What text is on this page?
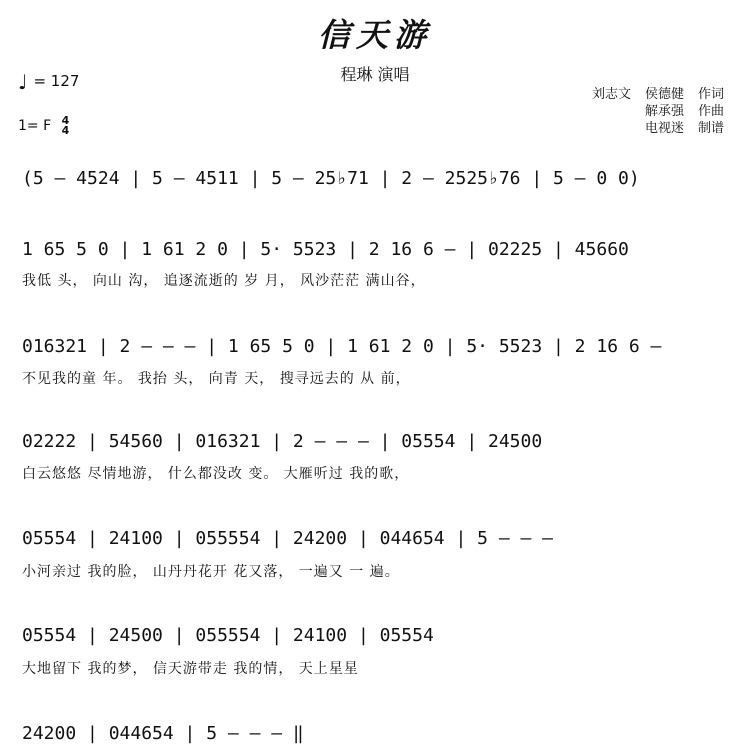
信天游
程琳 演唱
♩ = 127
1= F 4
4
刘志文 侯德健 作词
解承强 作曲
电视迷 制谱
(5 – 4524 | 5 – 4511 | 5 – 25♭71 | 2 – 2525♭76 | 5 – 0 0)
1 65 5 0 | 1 61 2 0 | 5· 5523 | 2 16 6 – | 02225 | 45660
我低 头， 向山 沟， 追逐流逝的 岁 月， 风沙茫茫 满山谷，
016321 | 2 – – – | 1 65 5 0 | 1 61 2 0 | 5· 5523 | 2 16 6 –
不见我的童 年。 我抬 头， 向青 天， 搜寻远去的 从 前，
02222 | 54560 | 016321 | 2 – – – | 05554 | 24500
白云悠悠 尽情地游， 什么都没改 变。 大雁听过 我的歌，
05554 | 24100 | 055554 | 24200 | 044654 | 5 – – –
小河亲过 我的脸， 山丹丹花开 花又落， 一遍又 一 遍。
05554 | 24500 | 055554 | 24100 | 05554
大地留下 我的梦， 信天游带走 我的情， 天上星星
24200 | 044654 | 5 – – – ‖
